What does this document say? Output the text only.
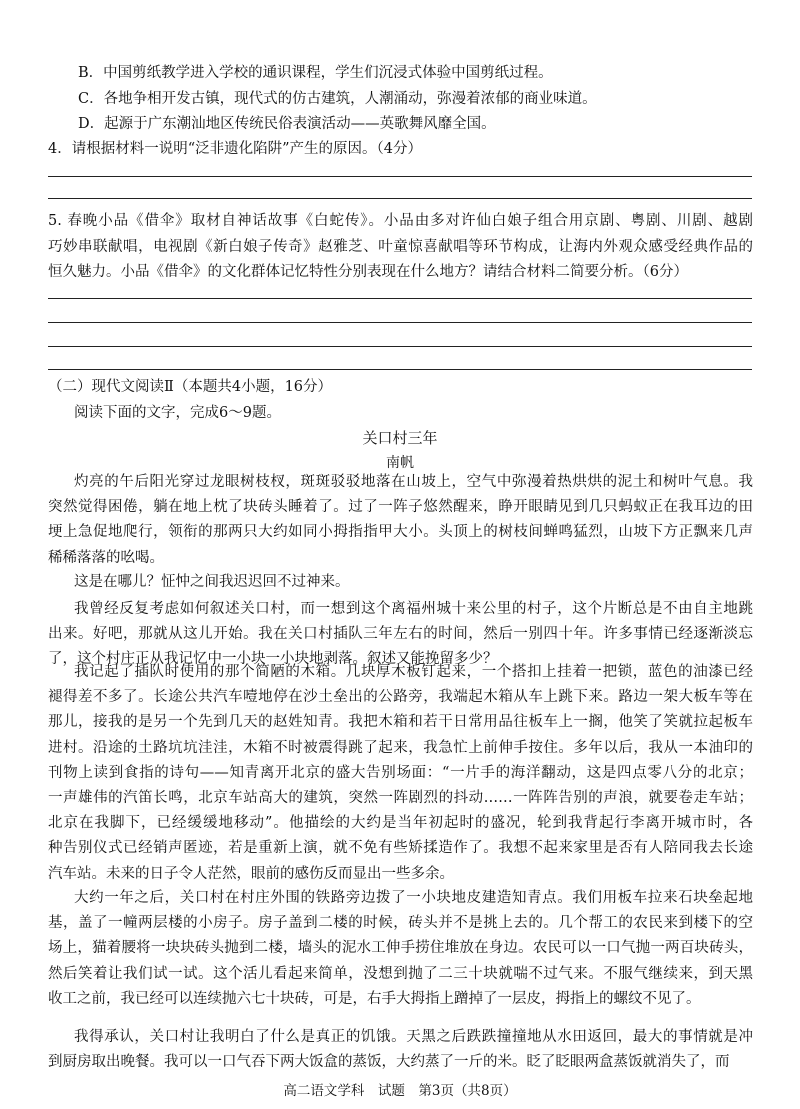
B．中国剪纸教学进入学校的通识课程，学生们沉浸式体验中国剪纸过程。
C．各地争相开发古镇，现代式的仿古建筑，人潮涌动，弥漫着浓郁的商业味道。
D．起源于广东潮汕地区传统民俗表演活动——英歌舞风靡全国。
4．请根据材料一说明“泛非遗化陷阱”产生的原因。（4分）
5. 春晚小品《借伞》取材自神话故事《白蛇传》。小品由多对许仙白娘子组合用京剧、粤剧、川剧、越剧
巧妙串联献唱，电视剧《新白娘子传奇》赵雅芝、叶童惊喜献唱等环节构成，让海内外观众感受经典作品的
恒久魅力。小品《借伞》的文化群体记忆特性分别表现在什么地方？请结合材料二简要分析。（6分）
（二）现代文阅读Ⅱ（本题共4小题，16分）
阅读下面的文字，完成6～9题。
关口村三年
南帆
灼亮的午后阳光穿过龙眼树枝杈，斑斑驳驳地落在山坡上，空气中弥漫着热烘烘的泥土和树叶气息。我
突然觉得困倦，躺在地上枕了块砖头睡着了。过了一阵子悠然醒来，睁开眼睛见到几只蚂蚁正在我耳边的田
埂上急促地爬行，领衔的那两只大约如同小拇指指甲大小。头顶上的树枝间蝉鸣猛烈，山坡下方正飘来几声
稀稀落落的吆喝。
这是在哪儿？怔忡之间我迟迟回不过神来。
我曾经反复考虑如何叙述关口村，而一想到这个离福州城十来公里的村子，这个片断总是不由自主地跳
出来。好吧，那就从这儿开始。我在关口村插队三年左右的时间，然后一别四十年。许多事情已经逐渐淡忘
了，这个村庄正从我记忆中一小块一小块地剥落。叙述又能挽留多少？
我记起了插队时使用的那个简陋的木箱。几块厚木板钉起来，一个搭扣上挂着一把锁，蓝色的油漆已经
褪得差不多了。长途公共汽车噎地停在沙土垒出的公路旁，我端起木箱从车上跳下来。路边一架大板车等在
那儿，接我的是另一个先到几天的赵姓知青。我把木箱和若干日常用品往板车上一搁，他笑了笑就拉起板车
进村。沿途的土路坑坑洼洼，木箱不时被震得跳了起来，我急忙上前伸手按住。多年以后，我从一本油印的
刊物上读到食指的诗句——知青离开北京的盛大告别场面：“一片手的海洋翻动，这是四点零八分的北京；
一声雄伟的汽笛长鸣，北京车站高大的建筑，突然一阵剧烈的抖动……一阵阵告别的声浪，就要卷走车站；
北京在我脚下，已经缓缓地移动”。他描绘的大约是当年初起时的盛况，轮到我背起行李离开城市时，各
种告别仪式已经销声匿迹，若是重新上演，就不免有些矫揉造作了。我想不起来家里是否有人陪同我去长途
汽车站。未来的日子令人茫然，眼前的感伤反而显出一些多余。
大约一年之后，关口村在村庄外围的铁路旁边拨了一小块地皮建造知青点。我们用板车拉来石块垒起地
基，盖了一幢两层楼的小房子。房子盖到二楼的时候，砖头并不是挑上去的。几个帮工的农民来到楼下的空
场上，猫着腰将一块块砖头抛到二楼，墙头的泥水工伸手捞住堆放在身边。农民可以一口气抛一两百块砖头，
然后笑着让我们试一试。这个活儿看起来简单，没想到抛了二三十块就喘不过气来。不服气继续来，到天黑
收工之前，我已经可以连续抛六七十块砖，可是，右手大拇指上蹭掉了一层皮，拇指上的螺纹不见了。
我得承认，关口村让我明白了什么是真正的饥饿。天黑之后跌跌撞撞地从水田返回，最大的事情就是冲
到厨房取出晚餐。我可以一口气吞下两大饭盒的蒸饭，大约蒸了一斤的米。眨了眨眼两盒蒸饭就消失了，而
高二语文学科　试题　第3页（共8页）
